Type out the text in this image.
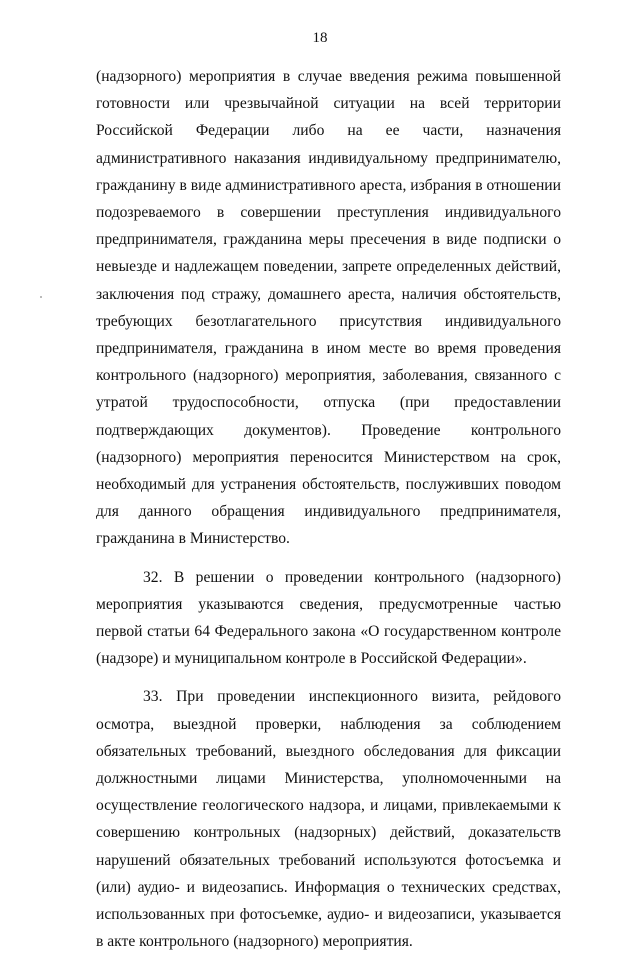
18

(надзорного) мероприятия в случае введения режима повышенной готовности или чрезвычайной ситуации на всей территории Российской Федерации либо на ее части, назначения административного наказания индивидуальному предпринимателю, гражданину в виде административного ареста, избрания в отношении подозреваемого в совершении преступления индивидуального предпринимателя, гражданина меры пресечения в виде подписки о невыезде и надлежащем поведении, запрете определенных действий, заключения под стражу, домашнего ареста, наличия обстоятельств, требующих безотлагательного присутствия индивидуального предпринимателя, гражданина в ином месте во время проведения контрольного (надзорного) мероприятия, заболевания, связанного с утратой трудоспособности, отпуска (при предоставлении подтверждающих документов). Проведение контрольного (надзорного) мероприятия переносится Министерством на срок, необходимый для устранения обстоятельств, послуживших поводом для данного обращения индивидуального предпринимателя, гражданина в Министерство.

32. В решении о проведении контрольного (надзорного) мероприятия указываются сведения, предусмотренные частью первой статьи 64 Федерального закона «О государственном контроле (надзоре) и муниципальном контроле в Российской Федерации».

33. При проведении инспекционного визита, рейдового осмотра, выездной проверки, наблюдения за соблюдением обязательных требований, выездного обследования для фиксации должностными лицами Министерства, уполномоченными на осуществление геологического надзора, и лицами, привлекаемыми к совершению контрольных (надзорных) действий, доказательств нарушений обязательных требований используются фотосъемка и (или) аудио- и видеозапись. Информация о технических средствах, использованных при фотосъемке, аудио- и видеозаписи, указывается в акте контрольного (надзорного) мероприятия.
